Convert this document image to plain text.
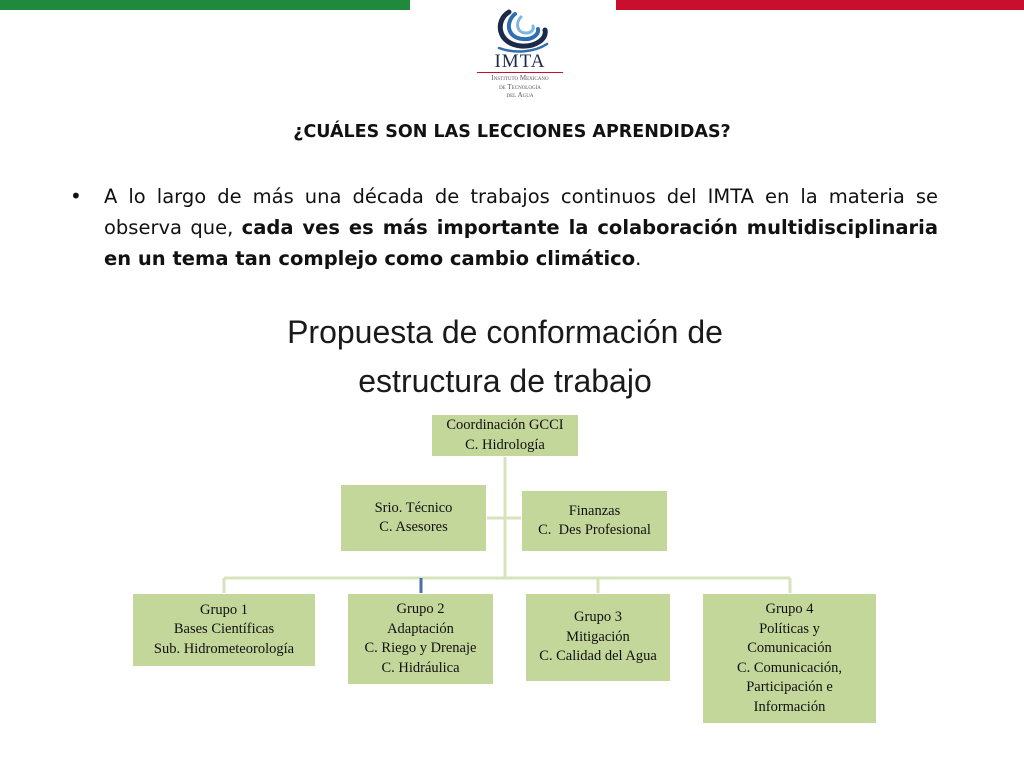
IMTA
Instituto Mexicano
de Tecnología
del Agua
¿CUÁLES SON LAS LECCIONES APRENDIDAS?
• A lo largo de más una década de trabajos continuos del IMTA en la materia se observa que, cada ves es más importante la colaboración multidisciplinaria en un tema tan complejo como cambio climático.
Propuesta de conformación de
estructura de trabajo
Coordinación GCCI
C. Hidrología
Srio. Técnico
C. Asesores
Finanzas
C.  Des Profesional
Grupo 1
Bases Científicas
Sub. Hidrometeorología
Grupo 2
Adaptación
C. Riego y Drenaje
C. Hidráulica
Grupo 3
Mitigación
C. Calidad del Agua
Grupo 4
Políticas y
Comunicación
C. Comunicación,
Participación e
Información
